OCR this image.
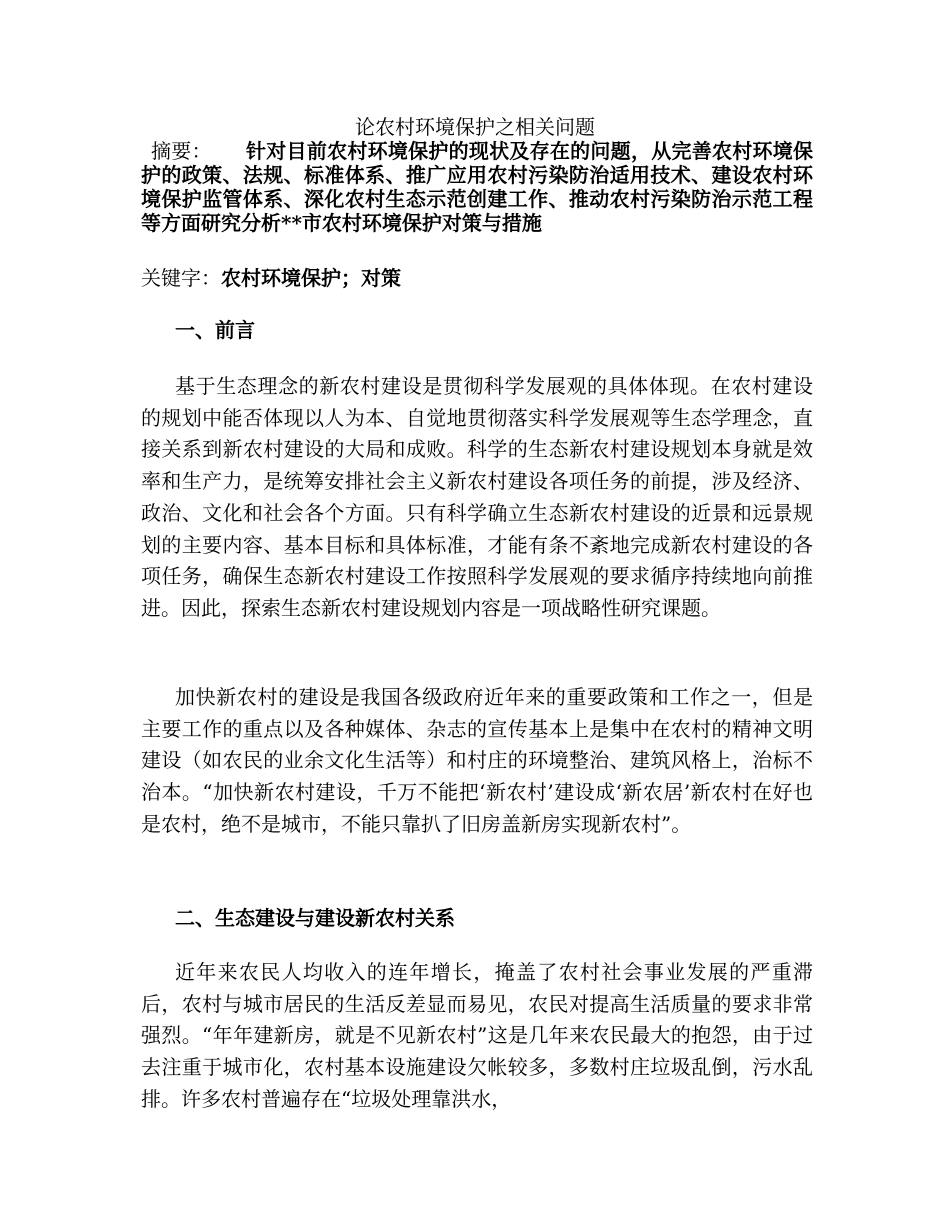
论农村环境保护之相关问题
摘要： 针对目前农村环境保护的现状及存在的问题，从完善农村环境保护的政策、法规、标准体系、推广应用农村污染防治适用技术、建设农村环境保护监管体系、深化农村生态示范创建工作、推动农村污染防治示范工程等方面研究分析**市农村环境保护对策与措施
关键字：农村环境保护；对策
一、前言

基于生态理念的新农村建设是贯彻科学发展观的具体体现。在农村建设的规划中能否体现以人为本、自觉地贯彻落实科学发展观等生态学理念，直接关系到新农村建设的大局和成败。科学的生态新农村建设规划本身就是效率和生产力，是统筹安排社会主义新农村建设各项任务的前提，涉及经济、政治、文化和社会各个方面。只有科学确立生态新农村建设的近景和远景规划的主要内容、基本目标和具体标准，才能有条不紊地完成新农村建设的各项任务，确保生态新农村建设工作按照科学发展观的要求循序持续地向前推进。因此，探索生态新农村建设规划内容是一项战略性研究课题。

加快新农村的建设是我国各级政府近年来的重要政策和工作之一，但是主要工作的重点以及各种媒体、杂志的宣传基本上是集中在农村的精神文明建设（如农民的业余文化生活等）和村庄的环境整治、建筑风格上，治标不治本。“加快新农村建设，千万不能把‘新农村’建设成‘新农居’新农村在好也是农村，绝不是城市，不能只靠扒了旧房盖新房实现新农村”。

二、生态建设与建设新农村关系

近年来农民人均收入的连年增长，掩盖了农村社会事业发展的严重滞后，农村与城市居民的生活反差显而易见，农民对提高生活质量的要求非常强烈。“年年建新房，就是不见新农村”这是几年来农民最大的抱怨，由于过去注重于城市化，农村基本设施建设欠帐较多，多数村庄垃圾乱倒，污水乱排。许多农村普遍存在“垃圾处理靠洪水，
